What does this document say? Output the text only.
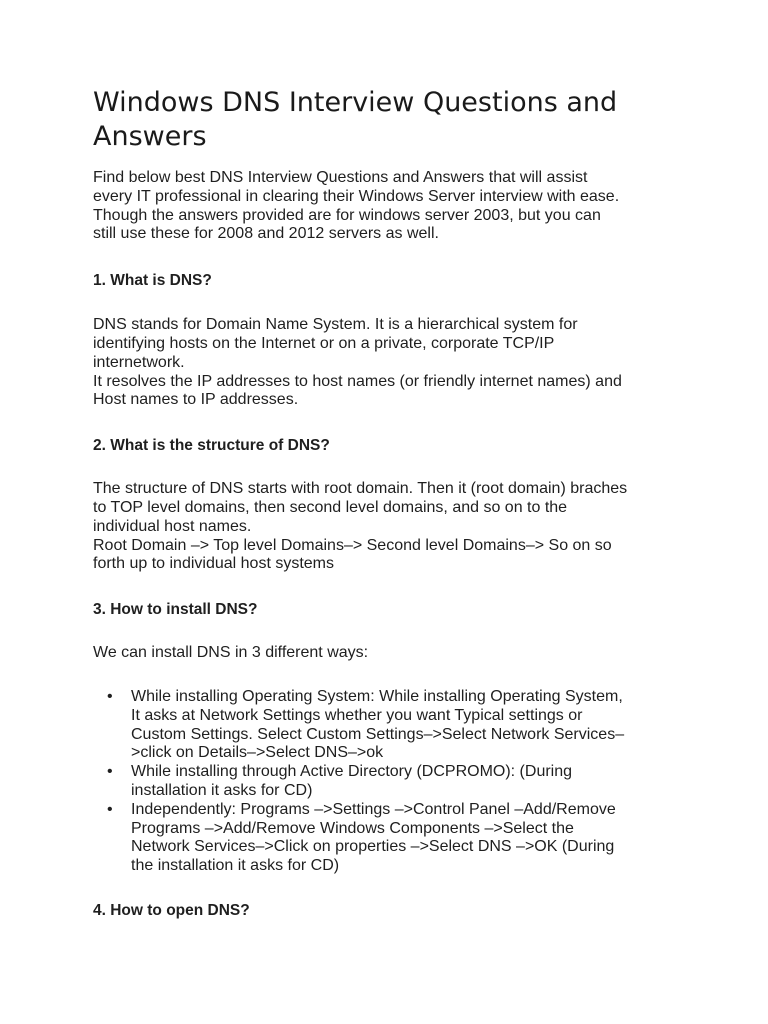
Windows DNS Interview Questions and
Answers

Find below best DNS Interview Questions and Answers that will assist
every IT professional in clearing their Windows Server interview with ease.
Though the answers provided are for windows server 2003, but you can
still use these for 2008 and 2012 servers as well.

1. What is DNS?

DNS stands for Domain Name System. It is a hierarchical system for
identifying hosts on the Internet or on a private, corporate TCP/IP
internetwork.
It resolves the IP addresses to host names (or friendly internet names) and
Host names to IP addresses.

2. What is the structure of DNS?

The structure of DNS starts with root domain. Then it (root domain) braches
to TOP level domains, then second level domains, and so on to the
individual host names.
Root Domain –> Top level Domains–> Second level Domains–> So on so
forth up to individual host systems

3. How to install DNS?

We can install DNS in 3 different ways:

• While installing Operating System: While installing Operating System,
It asks at Network Settings whether you want Typical settings or
Custom Settings. Select Custom Settings–>Select Network Services–
>click on Details–>Select DNS–>ok
• While installing through Active Directory (DCPROMO): (During
installation it asks for CD)
• Independently: Programs –>Settings –>Control Panel –Add/Remove
Programs –>Add/Remove Windows Components –>Select the
Network Services–>Click on properties –>Select DNS –>OK (During
the installation it asks for CD)

4. How to open DNS?
